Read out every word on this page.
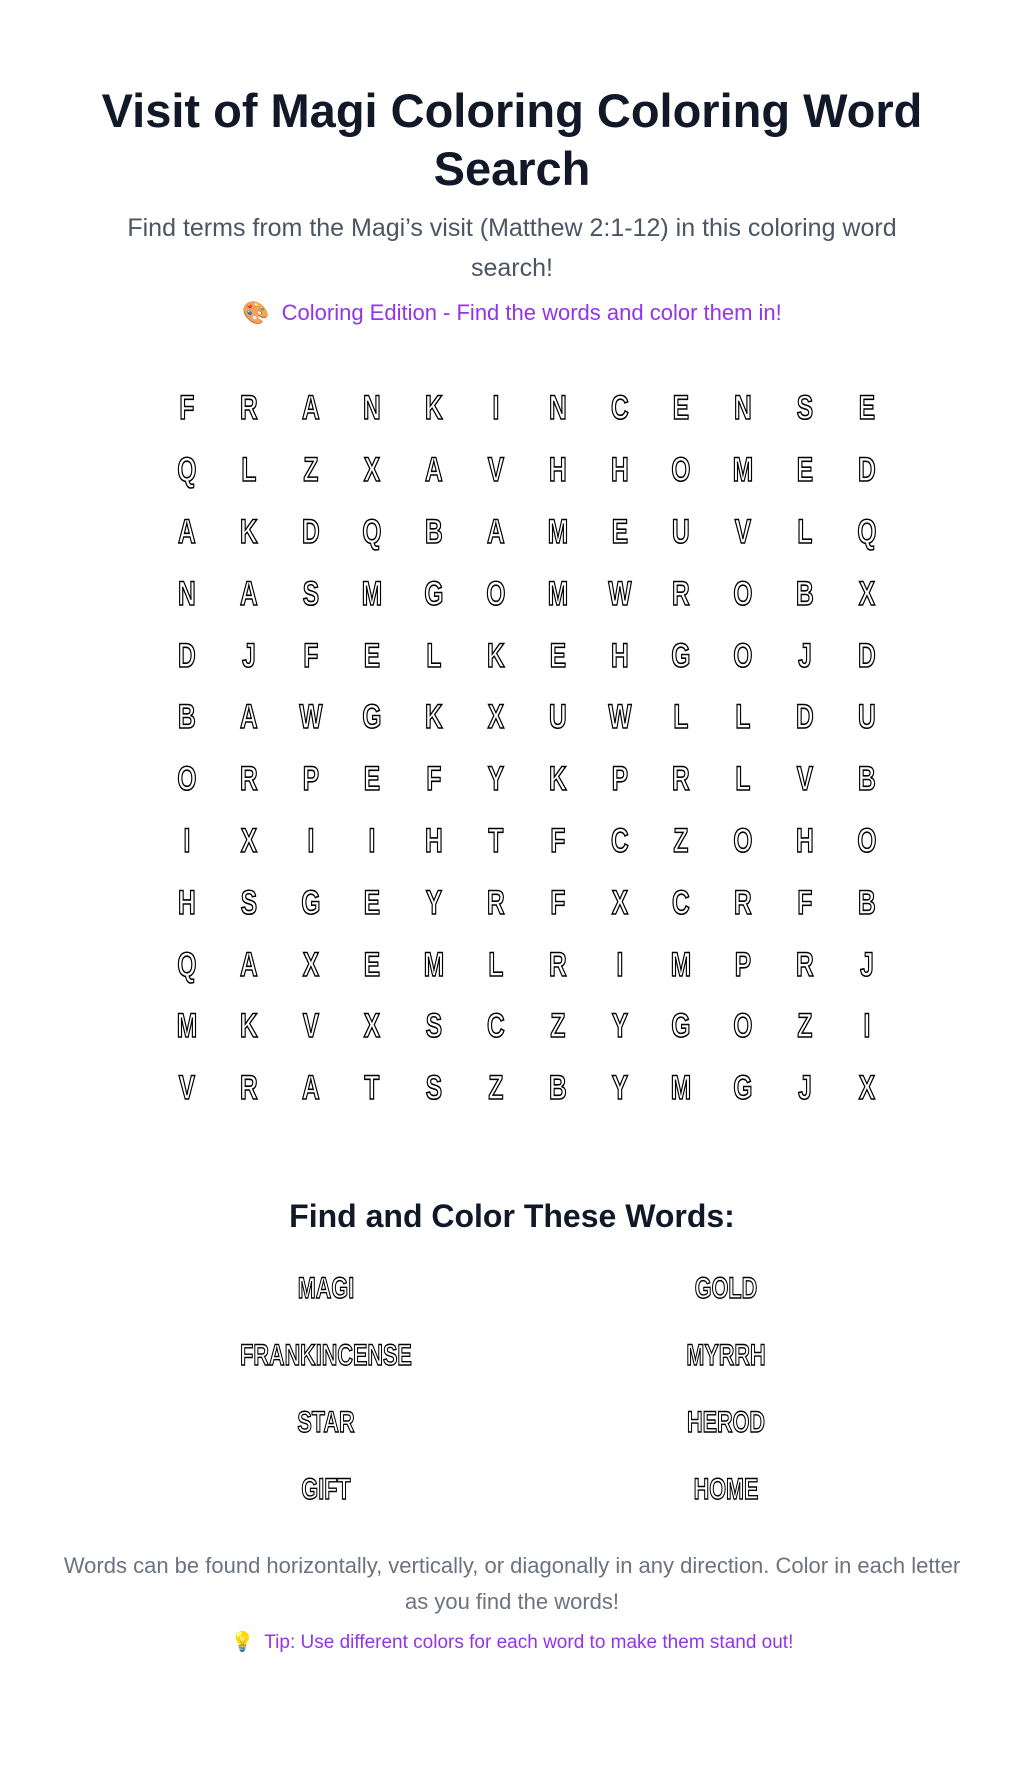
Visit of Magi Coloring Coloring Word Search
Find terms from the Magi’s visit (Matthew 2:1-12) in this coloring word search!
🎨 Coloring Edition - Find the words and color them in!
F	R	A	N	K	I	N	C	E	N	S	E
Q	L	Z	X	A	V	H	H	O	M	E	D
A	K	D	Q	B	A	M	E	U	V	L	Q
N	A	S	M	G	O	M	W	R	O	B	X
D	J	F	E	L	K	E	H	G	O	J	D
B	A	W	G	K	X	U	W	L	L	D	U
O	R	P	E	F	Y	K	P	R	L	V	B
I	X	I	I	H	T	F	C	Z	O	H	O
H	S	G	E	Y	R	F	X	C	R	F	B
Q	A	X	E	M	L	R	I	M	P	R	J
M	K	V	X	S	C	Z	Y	G	O	Z	I
V	R	A	T	S	Z	B	Y	M	G	J	X
Find and Color These Words:
MAGI	GOLD
FRANKINCENSE	MYRRH
STAR	HEROD
GIFT	HOME
Words can be found horizontally, vertically, or diagonally in any direction. Color in each letter as you find the words!
💡 Tip: Use different colors for each word to make them stand out!
